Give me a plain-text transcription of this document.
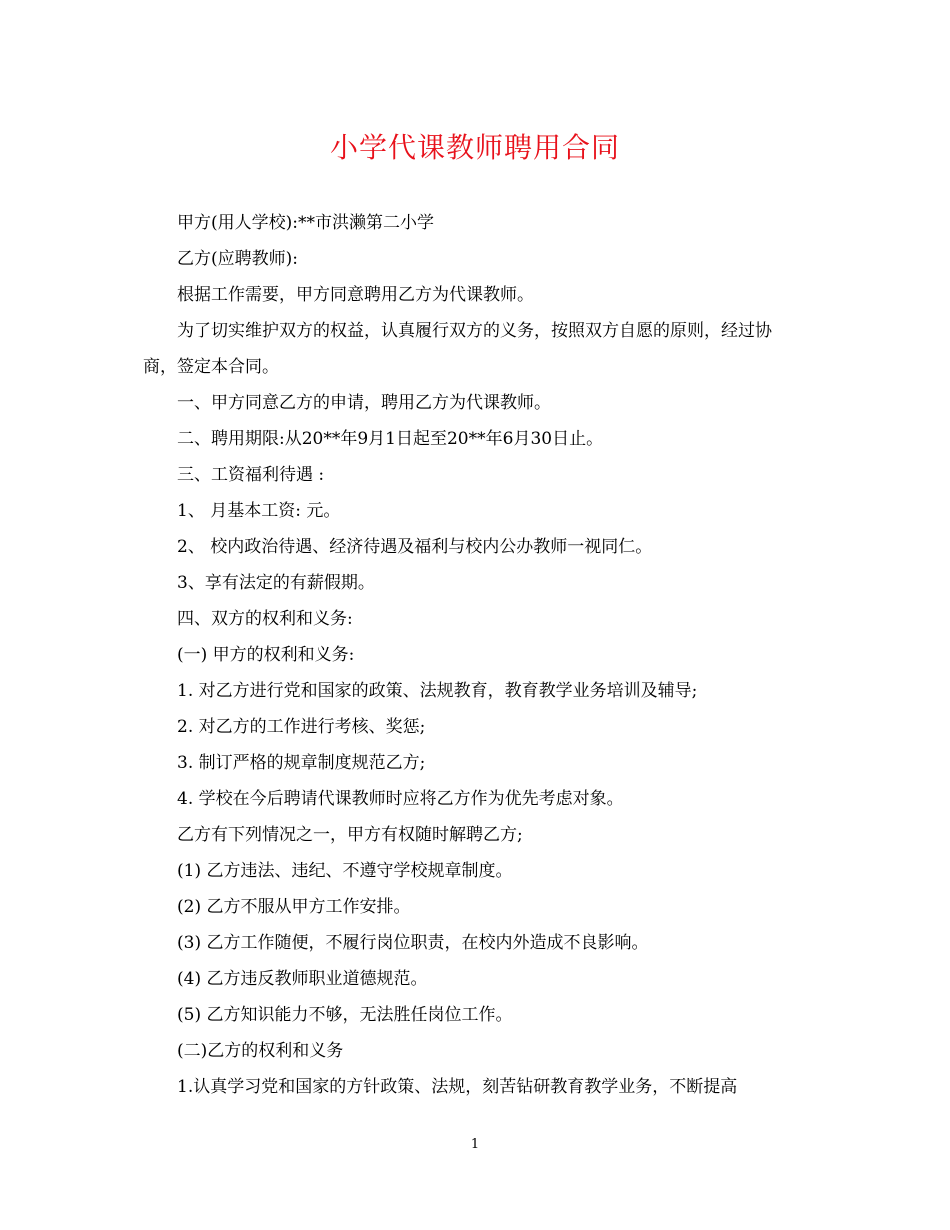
小学代课教师聘用合同

甲方(用人学校):**市洪濑第二小学

乙方(应聘教师):

根据工作需要，甲方同意聘用乙方为代课教师。

为了切实维护双方的权益，认真履行双方的义务，按照双方自愿的原则，经过协商，签定本合同。

一、甲方同意乙方的申请，聘用乙方为代课教师。

二、聘用期限:从20**年9月1日起至20**年6月30日止。

三、工资福利待遇 :

1、 月基本工资: 元。

2、 校内政治待遇、经济待遇及福利与校内公办教师一视同仁。

3、享有法定的有薪假期。

四、双方的权利和义务:

(一) 甲方的权利和义务:

1. 对乙方进行党和国家的政策、法规教育，教育教学业务培训及辅导;

2. 对乙方的工作进行考核、奖惩;

3. 制订严格的规章制度规范乙方;

4. 学校在今后聘请代课教师时应将乙方作为优先考虑对象。

乙方有下列情况之一，甲方有权随时解聘乙方;

(1) 乙方违法、违纪、不遵守学校规章制度。

(2) 乙方不服从甲方工作安排。

(3) 乙方工作随便，不履行岗位职责，在校内外造成不良影响。

(4) 乙方违反教师职业道德规范。

(5) 乙方知识能力不够，无法胜任岗位工作。

(二)乙方的权利和义务

1.认真学习党和国家的方针政策、法规，刻苦钻研教育教学业务，不断提高

1
